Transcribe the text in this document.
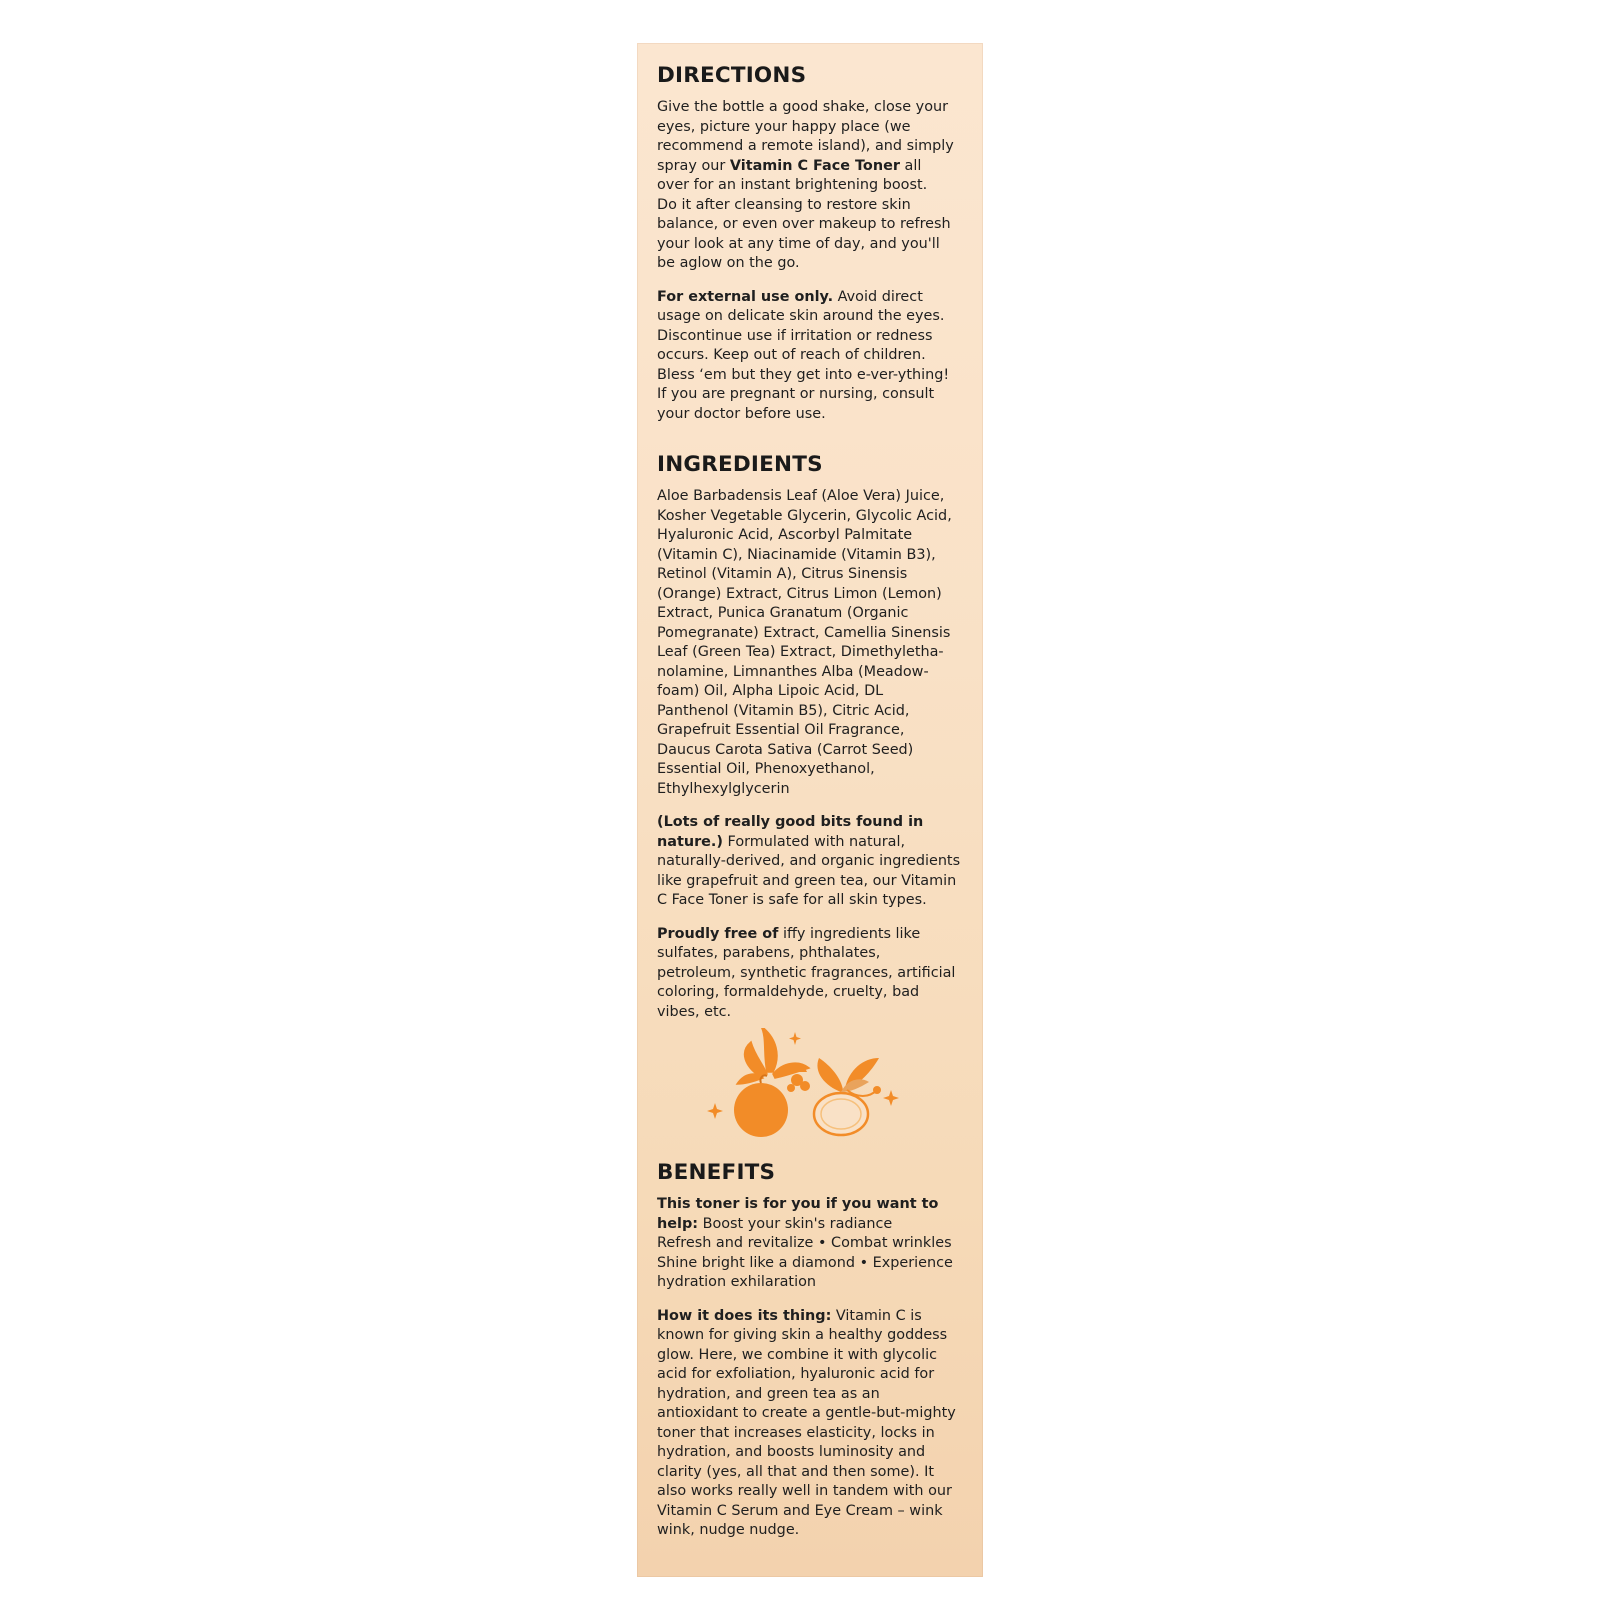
DIRECTIONS

Give the bottle a good shake, close your
eyes, picture your happy place (we
recommend a remote island), and simply
spray our Vitamin C Face Toner all
over for an instant brightening boost.
Do it after cleansing to restore skin
balance, or even over makeup to refresh
your look at any time of day, and you'll
be aglow on the go.

For external use only. Avoid direct
usage on delicate skin around the eyes.
Discontinue use if irritation or redness
occurs. Keep out of reach of children.
Bless ‘em but they get into e-ver-ything!
If you are pregnant or nursing, consult
your doctor before use.

INGREDIENTS

Aloe Barbadensis Leaf (Aloe Vera) Juice,
Kosher Vegetable Glycerin, Glycolic Acid,
Hyaluronic Acid, Ascorbyl Palmitate
(Vitamin C), Niacinamide (Vitamin B3),
Retinol (Vitamin A), Citrus Sinensis
(Orange) Extract, Citrus Limon (Lemon)
Extract, Punica Granatum (Organic
Pomegranate) Extract, Camellia Sinensis
Leaf (Green Tea) Extract, Dimethyletha-
nolamine, Limnanthes Alba (Meadow-
foam) Oil, Alpha Lipoic Acid, DL
Panthenol (Vitamin B5), Citric Acid,
Grapefruit Essential Oil Fragrance,
Daucus Carota Sativa (Carrot Seed)
Essential Oil, Phenoxyethanol,
Ethylhexylglycerin

(Lots of really good bits found in
nature.) Formulated with natural,
naturally-derived, and organic ingredients
like grapefruit and green tea, our Vitamin
C Face Toner is safe for all skin types.

Proudly free of iffy ingredients like
sulfates, parabens, phthalates,
petroleum, synthetic fragrances, artificial
coloring, formaldehyde, cruelty, bad
vibes, etc.

BENEFITS

This toner is for you if you want to
help: Boost your skin's radiance
Refresh and revitalize • Combat wrinkles
Shine bright like a diamond • Experience
hydration exhilaration

How it does its thing: Vitamin C is
known for giving skin a healthy goddess
glow. Here, we combine it with glycolic
acid for exfoliation, hyaluronic acid for
hydration, and green tea as an
antioxidant to create a gentle-but-mighty
toner that increases elasticity, locks in
hydration, and boosts luminosity and
clarity (yes, all that and then some). It
also works really well in tandem with our
Vitamin C Serum and Eye Cream – wink
wink, nudge nudge.
